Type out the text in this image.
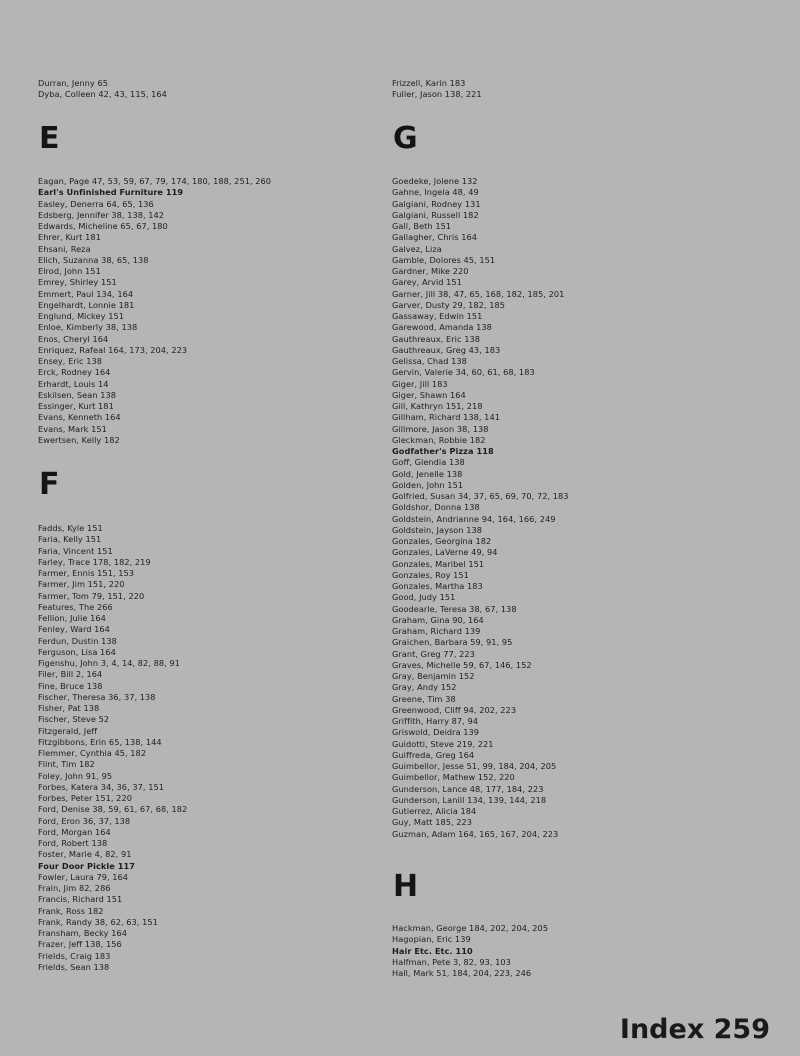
Durran, Jenny 65
Dyba, Colleen 42, 43, 115, 164
E
Eagan, Page 47, 53, 59, 67, 79, 174, 180, 188, 251, 260
Earl's Unfinished Furniture 119
Easley, Denerra 64, 65, 136
Edsberg, Jennifer 38, 138, 142
Edwards, Micheline 65, 67, 180
Ehrer, Kurt 181
Ehsani, Reza
Elich, Suzanna 38, 65, 138
Elrod, John 151
Emrey, Shirley 151
Emmert, Paul 134, 164
Engelhardt, Lonnie 181
Englund, Mickey 151
Enloe, Kimberly 38, 138
Enos, Cheryl 164
Enriquez, Rafeal 164, 173, 204, 223
Ensey, Eric 138
Erck, Rodney 164
Erhardt, Louis 14
Eskilsen, Sean 138
Essinger, Kurt 181
Evans, Kenneth 164
Evans, Mark 151
Ewertsen, Kelly 182
F
Fadds, Kyle 151
Faria, Kelly 151
Faria, Vincent 151
Farley, Trace 178, 182, 219
Farmer, Ennis 151, 153
Farmer, Jim 151, 220
Farmer, Tom 79, 151, 220
Features, The 266
Fellion, Julie 164
Fenley, Ward 164
Ferdun, Dustin 138
Ferguson, Lisa 164
Figenshu, John 3, 4, 14, 82, 88, 91
Filer, Bill 2, 164
Fine, Bruce 138
Fischer, Theresa 36, 37, 138
Fisher, Pat 138
Fischer, Steve 52
Fitzgerald, Jeff
Fitzgibbons, Erin 65, 138, 144
Flemmer, Cynthia 45, 182
Flint, Tim 182
Foley, John 91, 95
Forbes, Katera 34, 36, 37, 151
Forbes, Peter 151, 220
Ford, Denise 38, 59, 61, 67, 68, 182
Ford, Eron 36, 37, 138
Ford, Morgan 164
Ford, Robert 138
Foster, Marie 4, 82, 91
Four Door Pickle 117
Fowler, Laura 79, 164
Frain, Jim 82, 286
Francis, Richard 151
Frank, Ross 182
Frank, Randy 38, 62, 63, 151
Fransham, Becky 164
Frazer, Jeff 138, 156
Frields, Craig 183
Frields, Sean 138
Frizzell, Karin 183
Fuller, Jason 138, 221
G
Goedeke, Jolene 132
Gahne, Ingela 48, 49
Galgiani, Rodney 131
Galgiani, Russell 182
Gall, Beth 151
Gallagher, Chris 164
Galvez, Liza
Gamble, Dolores 45, 151
Gardner, Mike 220
Garey, Arvid 151
Garner, Jill 38, 47, 65, 168, 182, 185, 201
Garver, Dusty 29, 182, 185
Gassaway, Edwin 151
Garewood, Amanda 138
Gauthreaux, Eric 138
Gauthreaux, Greg 43, 183
Gelissa, Chad 138
Gervin, Valerie 34, 60, 61, 68, 183
Giger, Jill 183
Giger, Shawn 164
Gill, Kathryn 151, 218
Gillham, Richard 138, 141
Gillmore, Jason 38, 138
Gleckman, Robbie 182
Godfather's Pizza 118
Goff, Glendia 138
Gold, Jenelle 138
Golden, John 151
Golfried, Susan 34, 37, 65, 69, 70, 72, 183
Goldshor, Donna 138
Goldstein, Andrianne 94, 164, 166, 249
Goldstein, Jayson 138
Gonzales, Georgina 182
Gonzales, LaVerne 49, 94
Gonzales, Maribel 151
Gonzales, Roy 151
Gonzales, Martha 183
Good, Judy 151
Goodearle, Teresa 38, 67, 138
Graham, Gina 90, 164
Graham, Richard 139
Graichen, Barbara 59, 91, 95
Grant, Greg 77, 223
Graves, Michelle 59, 67, 146, 152
Gray, Benjamin 152
Gray, Andy 152
Greene, Tim 38
Greenwood, Cliff 94, 202, 223
Griffith, Harry 87, 94
Griswold, Deidra 139
Guidotti, Steve 219, 221
Guiffreda, Greg 164
Guimbellor, Jesse 51, 99, 184, 204, 205
Guimbellor, Mathew 152, 220
Gunderson, Lance 48, 177, 184, 223
Gunderson, Lanill 134, 139, 144, 218
Gutierrez, Alicia 184
Guy, Matt 185, 223
Guzman, Adam 164, 165, 167, 204, 223
H
Hackman, George 184, 202, 204, 205
Hagopian, Eric 139
Hair Etc. Etc. 110
Halfman, Pete 3, 82, 93, 103
Hall, Mark 51, 184, 204, 223, 246
Index 259
